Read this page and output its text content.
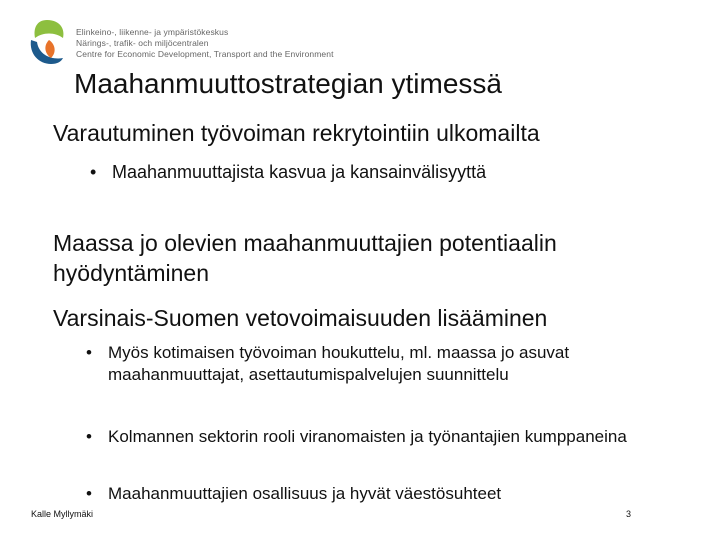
Elinkeino-, liikenne- ja ympäristökeskus
Närings-, trafik- och miljöcentralen
Centre for Economic Development, Transport and the Environment
Maahanmuuttostrategian ytimessä
Varautuminen työvoiman rekrytointiin ulkomailta
• Maahanmuuttajista kasvua ja kansainvälisyyttä
Maassa jo olevien maahanmuuttajien potentiaalin
hyödyntäminen
Varsinais-Suomen vetovoimaisuuden lisääminen
• Myös kotimaisen työvoiman houkuttelu, ml. maassa jo asuvat maahanmuuttajat, asettautumispalvelujen suunnittelu
• Kolmannen sektorin rooli viranomaisten ja työnantajien kumppaneina
• Maahanmuuttajien osallisuus ja hyvät väestösuhteet
Kalle Myllymäki	3
